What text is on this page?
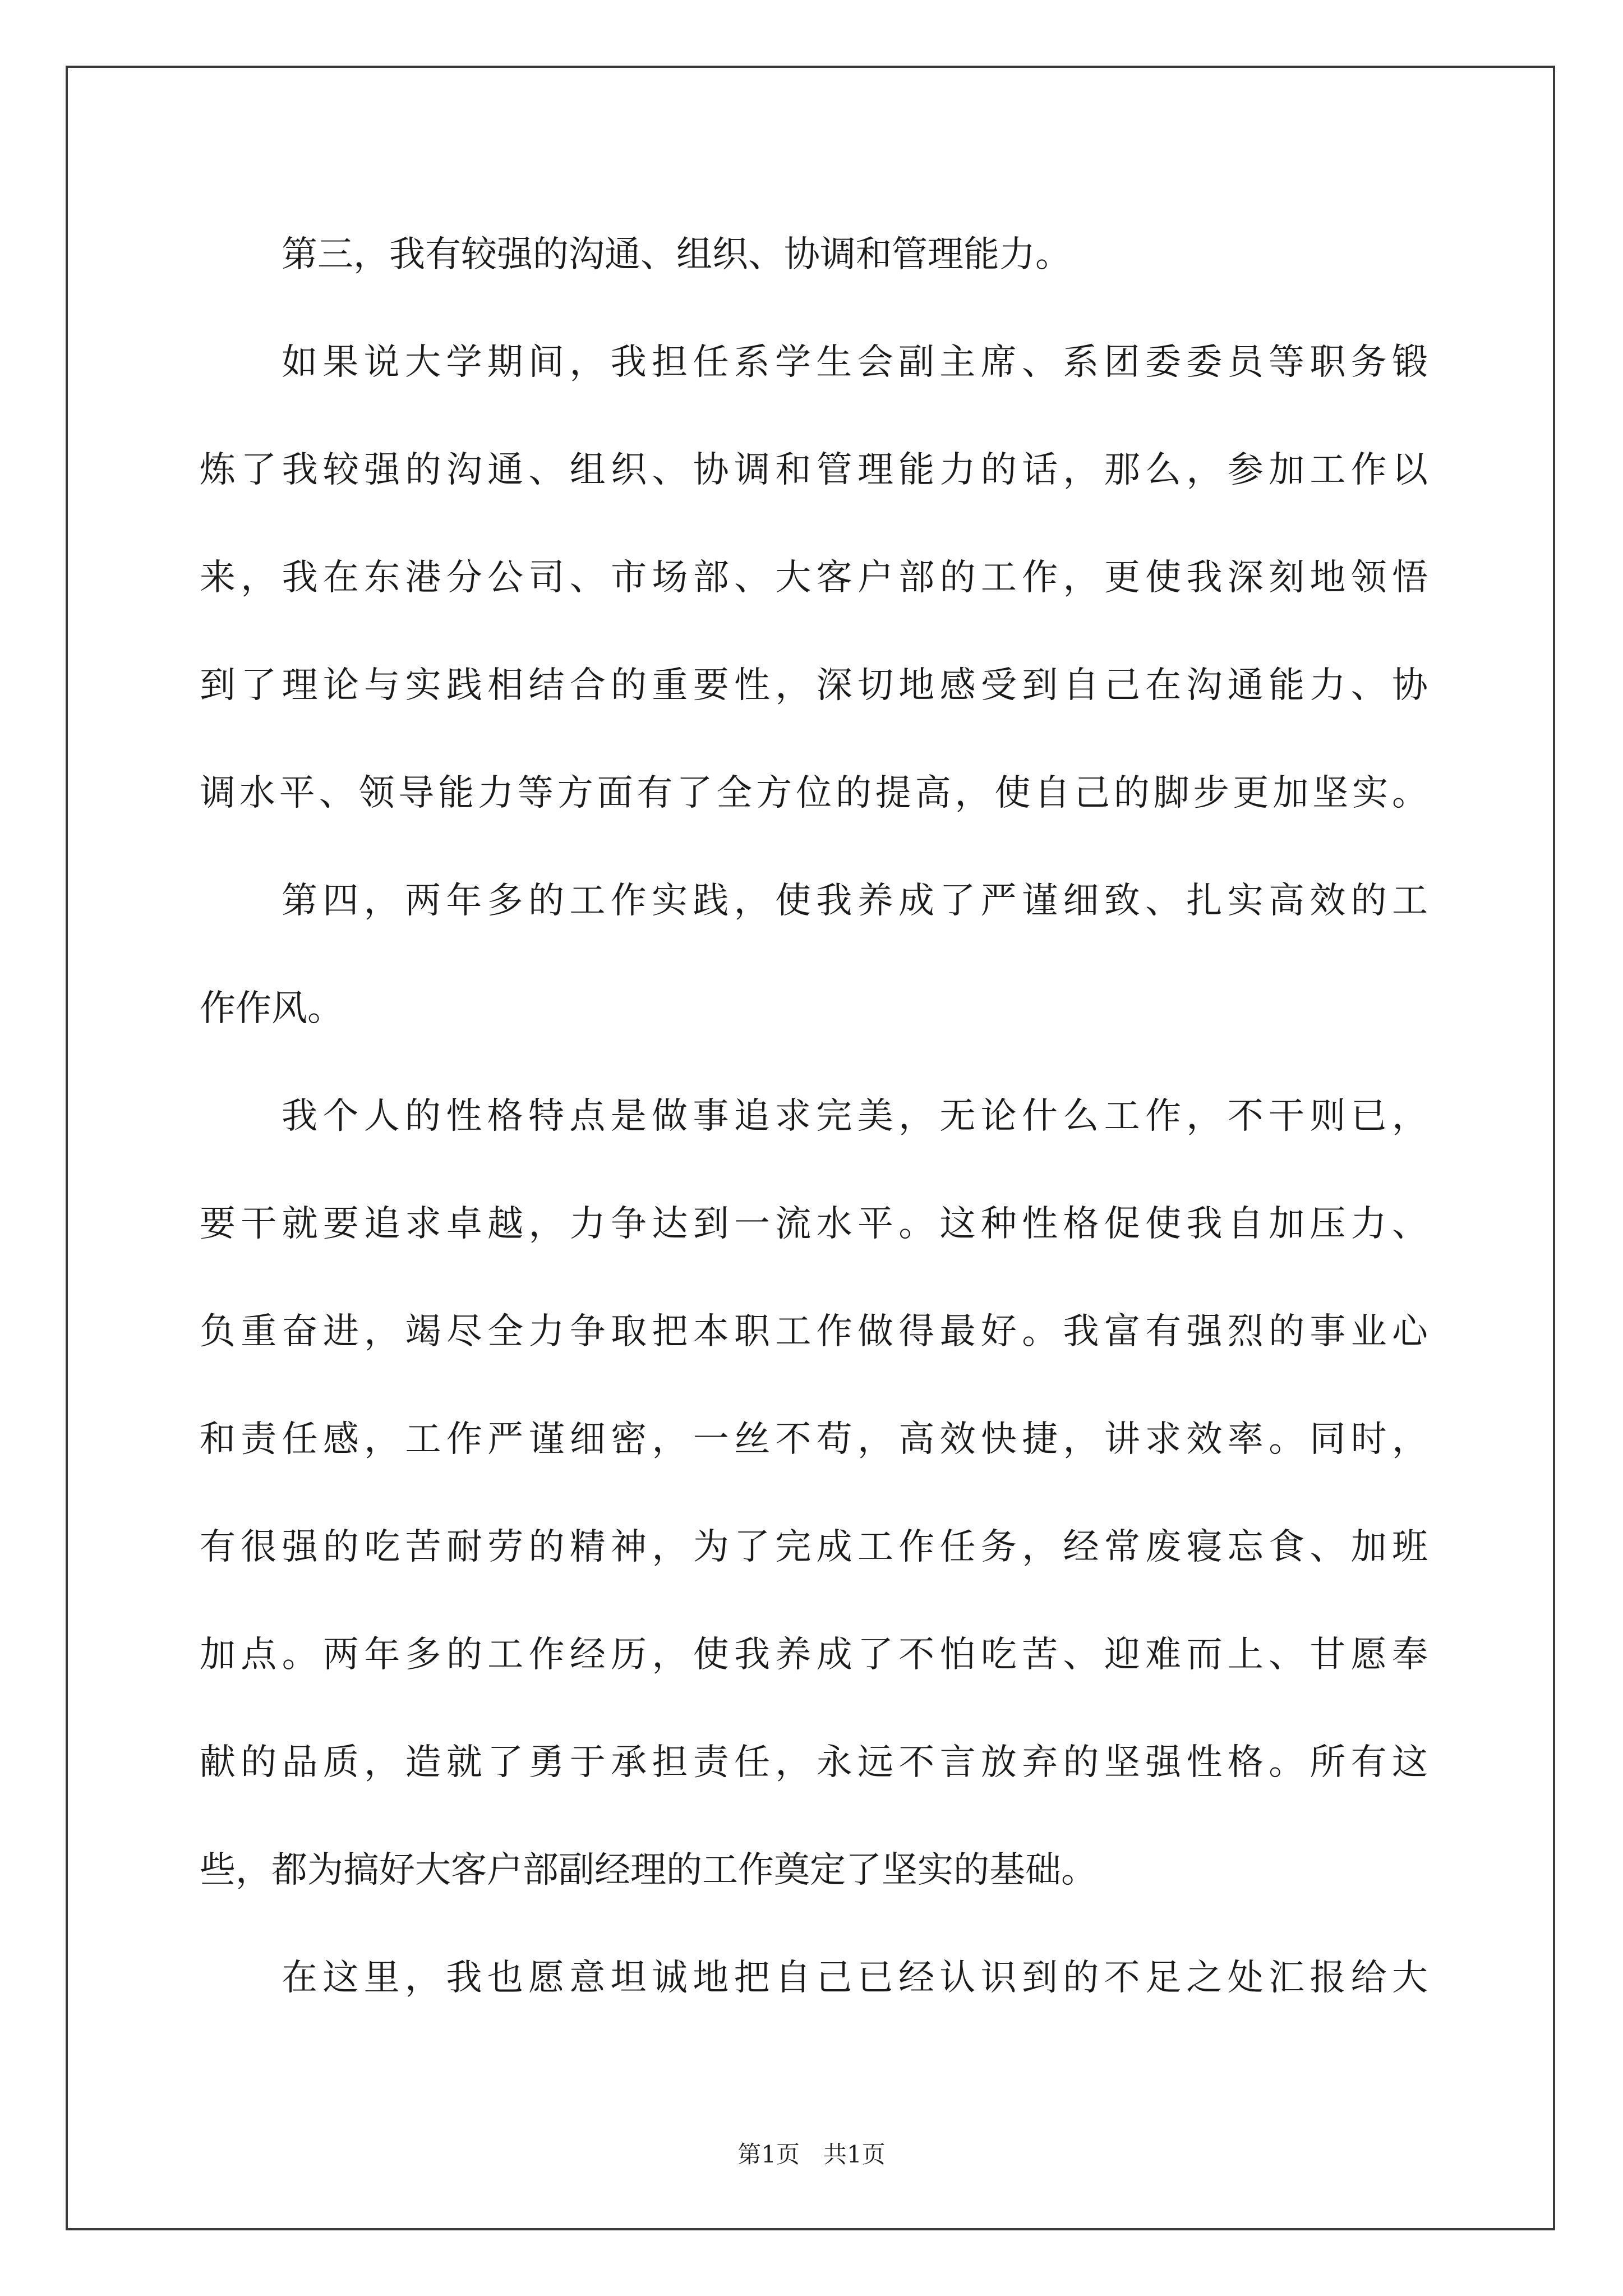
第三，我有较强的沟通、组织、协调和管理能力。
如果说大学期间，我担任系学生会副主席、系团委委员等职务锻
炼了我较强的沟通、组织、协调和管理能力的话，那么，参加工作以
来，我在东港分公司、市场部、大客户部的工作，更使我深刻地领悟
到了理论与实践相结合的重要性，深切地感受到自己在沟通能力、协
调水平、领导能力等方面有了全方位的提高，使自己的脚步更加坚实。
第四，两年多的工作实践，使我养成了严谨细致、扎实高效的工
作作风。
我个人的性格特点是做事追求完美，无论什么工作，不干则已，
要干就要追求卓越，力争达到一流水平。这种性格促使我自加压力、
负重奋进，竭尽全力争取把本职工作做得最好。我富有强烈的事业心
和责任感，工作严谨细密，一丝不苟，高效快捷，讲求效率。同时，
有很强的吃苦耐劳的精神，为了完成工作任务，经常废寝忘食、加班
加点。两年多的工作经历，使我养成了不怕吃苦、迎难而上、甘愿奉
献的品质，造就了勇于承担责任，永远不言放弃的坚强性格。所有这
些，都为搞好大客户部副经理的工作奠定了坚实的基础。
在这里，我也愿意坦诚地把自己已经认识到的不足之处汇报给大
第1页　共1页
